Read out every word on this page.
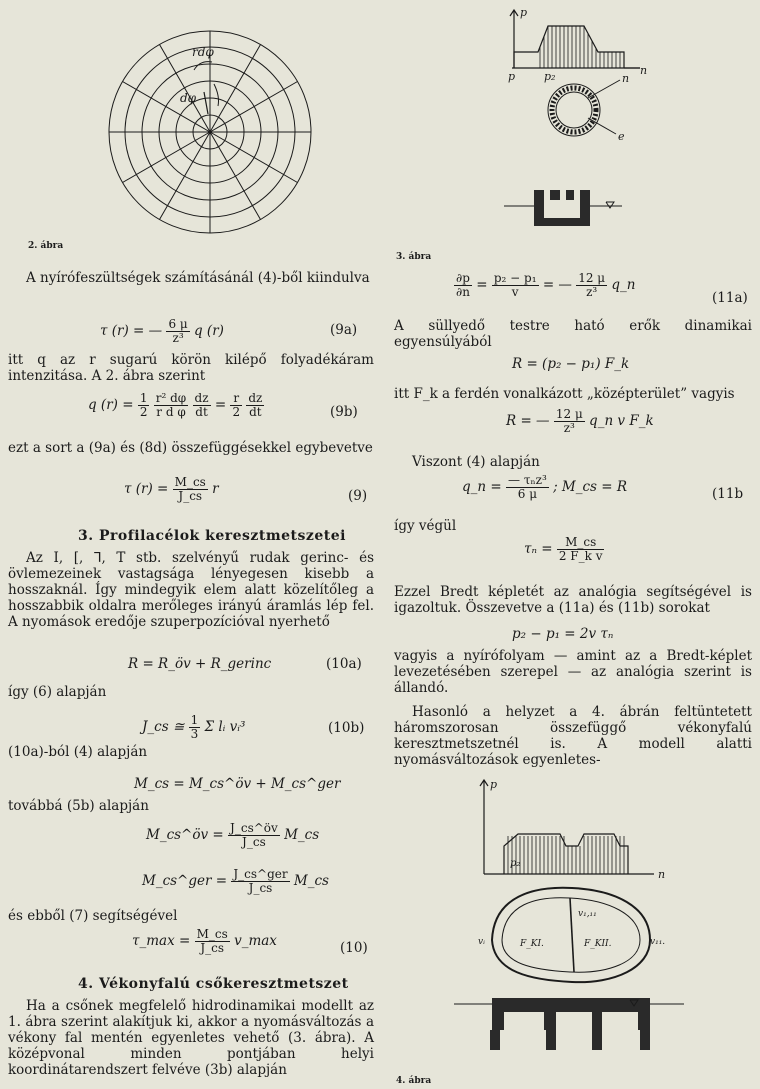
rdφ
dφ
2. ábra

A nyírófeszültségek számításánál (4)-ből kiindulva

τ (r) = — $\frac{6 \mu}{\text{z³}}$ q (r)	(9a)

itt q az r sugarú körön kilépő folyadékáram intenzitása. A 2. ábra szerint

q $(r) = \frac{1}{2}$
$\frac{\text{r² dφ}}{\text{r d φ}}$
$\frac{dz}{dt} = \frac{r}{2}$
$\frac{dz}{dt}$	(9b)

ezt a sort a (9a) és (8d) összefüggésekkel egybevetve

τ $(r) = \frac{M\_cs}{J\_cs}$ r	(9)
3. Profilacélok keresztmetszetei

Az I, [, ⅂, T stb. szelvényű rudak gerinc- és övlemezeinek vastagsága lényegesen kisebb a hosszaknál. Így mindegyik elem alatt közelítőleg a hosszabbik oldalra merőleges irányú áramlás lép fel. A nyomások eredője szuperpozícióval nyerhető

R = R_öv + R_gerinc	(10a)

így (6) alapján

J_cs ≅ $\frac{1}{3}$ Σ lᵢ vᵢ³	(10b)

(10a)-ból (4) alapján

M_cs = M_cs^öv + M_cs^ger

továbbá (5b) alapján

M_cs^öv = $\frac{J\_cs\^{}öv}{J\_cs}$ M_cs
M_cs^ger = $\frac{\text{J\_cs\textasciicircum{}ger}}{J\_cs}$ M_cs

és ebből (7) segítségével

τ_max = $\frac{M\_cs}{J\_cs}$ v_max	(10)
4. Vékonyfalú csőkeresztmetszet

Ha a csőnek megfelelő hidrodinamikai modellt az 1. ábra szerint alakítjuk ki, akkor a nyomásváltozás a vékony fal mentén egyenletes vehető (3. ábra). A középvonal minden pontjában helyi koordinátarendszert felvéve (3b) alapján

p
p	p₂	n
n
e
3. ábra
$\frac{\partial p}{\partial n} = \frac{\text{p₂ − p₁}}{v}$ = — $\frac{12 \mu}{\text{z³}}$ q_n
(11a)

A süllyedő testre ható erők dinamikai egyensúlyából

R = (p₂ − p₁) F_k

itt F_k a ferdén vonalkázott „középterület” vagyis

R = — $\frac{12 \mu}{\text{z³}}$ q_n v F_k

Viszont (4) alapján

q_n = $\frac{\text{— τₙz³}}{6 \mu}$ ; M_cs = R	(11b

így végül

$\tau_n = \frac{M\_cs}{\text{2 F\_k v}}$

Ezzel Bredt képletét az analógia segítségével is igazoltuk. Összevetve a (11a) és (11b) sorokat

p₂ − p₁ = 2v τₙ

vagyis a nyírófolyam — amint az a Bredt-képlet levezetésében szerepel — az analógia szerint is állandó.

Hasonló a helyzet a 4. ábrán feltüntetett háromszorosan összefüggő vékonyfalú keresztmetszetnél is. A modell alatti nyomásváltozások egyenletes-

p
p₂
n
vᵢ
v₁,₁₁
F_KI.	F_KII.	v₁₁.
4. ábra
